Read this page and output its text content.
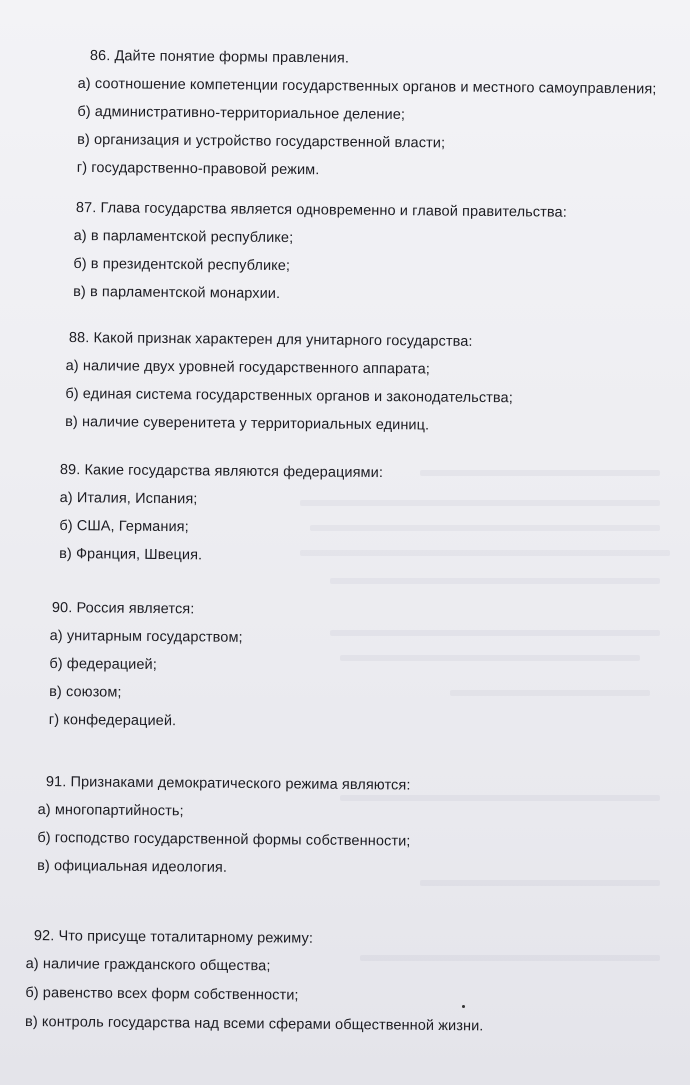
86. Дайте понятие формы правления.

а) соотношение компетенции государственных органов и местного самоуправления;

б) административно-территориальное деление;

в) организация и устройство государственной власти;

г) государственно-правовой режим.

87. Глава государства является одновременно и главой правительства:

а) в парламентской республике;

б) в президентской республике;

в) в парламентской монархии.

88. Какой признак характерен для унитарного государства:

а) наличие двух уровней государственного аппарата;

б) единая система государственных органов и законодательства;

в) наличие суверенитета у территориальных единиц.

89. Какие государства являются федерациями:

а) Италия, Испания;

б) США, Германия;

в) Франция, Швеция.

90. Россия является:

а) унитарным государством;

б) федерацией;

в) союзом;

г) конфедерацией.

91. Признаками демократического режима являются:

а) многопартийность;

б) господство государственной формы собственности;

в) официальная идеология.

92. Что присуще тоталитарному режиму:

а) наличие гражданского общества;

б) равенство всех форм собственности;

в) контроль государства над всеми сферами общественной жизни.
